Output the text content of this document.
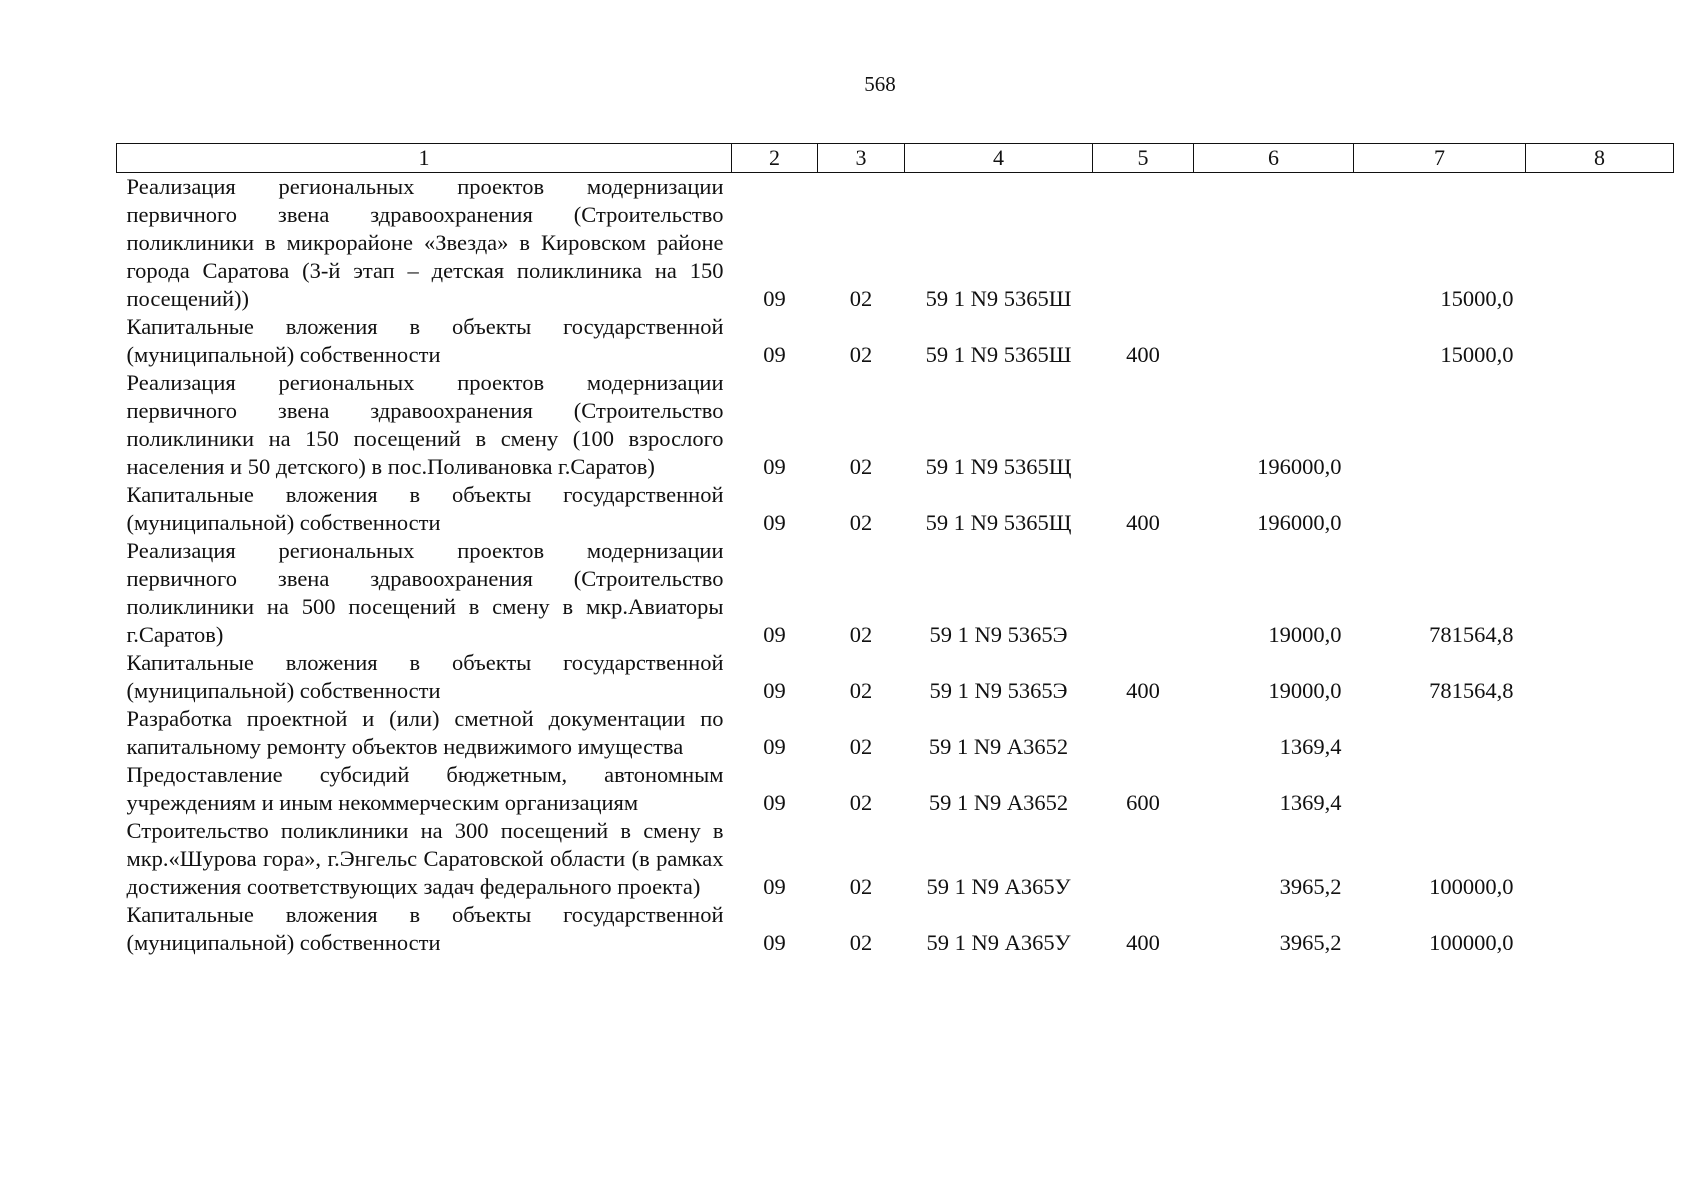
568
1	2	3	4	5	6	7	8
Реализация региональных проектов модернизации первичного звена здравоохранения (Строительство поликлиники в микрорайоне «Звезда» в Кировском районе города Саратова (3-й этап – детская поликлиника на 150 посещений))	09	02	59 1 N9 5365Ш			15000,0	
Капитальные вложения в объекты государственной (муниципальной) собственности	09	02	59 1 N9 5365Ш	400		15000,0	
Реализация региональных проектов модернизации первичного звена здравоохранения (Строительство поликлиники на 150 посещений в смену (100 взрослого населения и 50 детского) в пос.Поливановка г.Саратов)	09	02	59 1 N9 5365Щ		196000,0		
Капитальные вложения в объекты государственной (муниципальной) собственности	09	02	59 1 N9 5365Щ	400	196000,0		
Реализация региональных проектов модернизации первичного звена здравоохранения (Строительство поликлиники на 500 посещений в смену в мкр.Авиаторы г.Саратов)	09	02	59 1 N9 5365Э		19000,0	781564,8	
Капитальные вложения в объекты государственной (муниципальной) собственности	09	02	59 1 N9 5365Э	400	19000,0	781564,8	
Разработка проектной и (или) сметной документации по капитальному ремонту объектов недвижимого имущества	09	02	59 1 N9 А3652		1369,4		
Предоставление субсидий бюджетным, автономным учреждениям и иным некоммерческим организациям	09	02	59 1 N9 А3652	600	1369,4		
Строительство поликлиники на 300 посещений в смену в мкр.«Шурова гора», г.Энгельс Саратовской области (в рамках достижения соответствующих задач федерального проекта)	09	02	59 1 N9 А365У		3965,2	100000,0	
Капитальные вложения в объекты государственной (муниципальной) собственности	09	02	59 1 N9 А365У	400	3965,2	100000,0	
